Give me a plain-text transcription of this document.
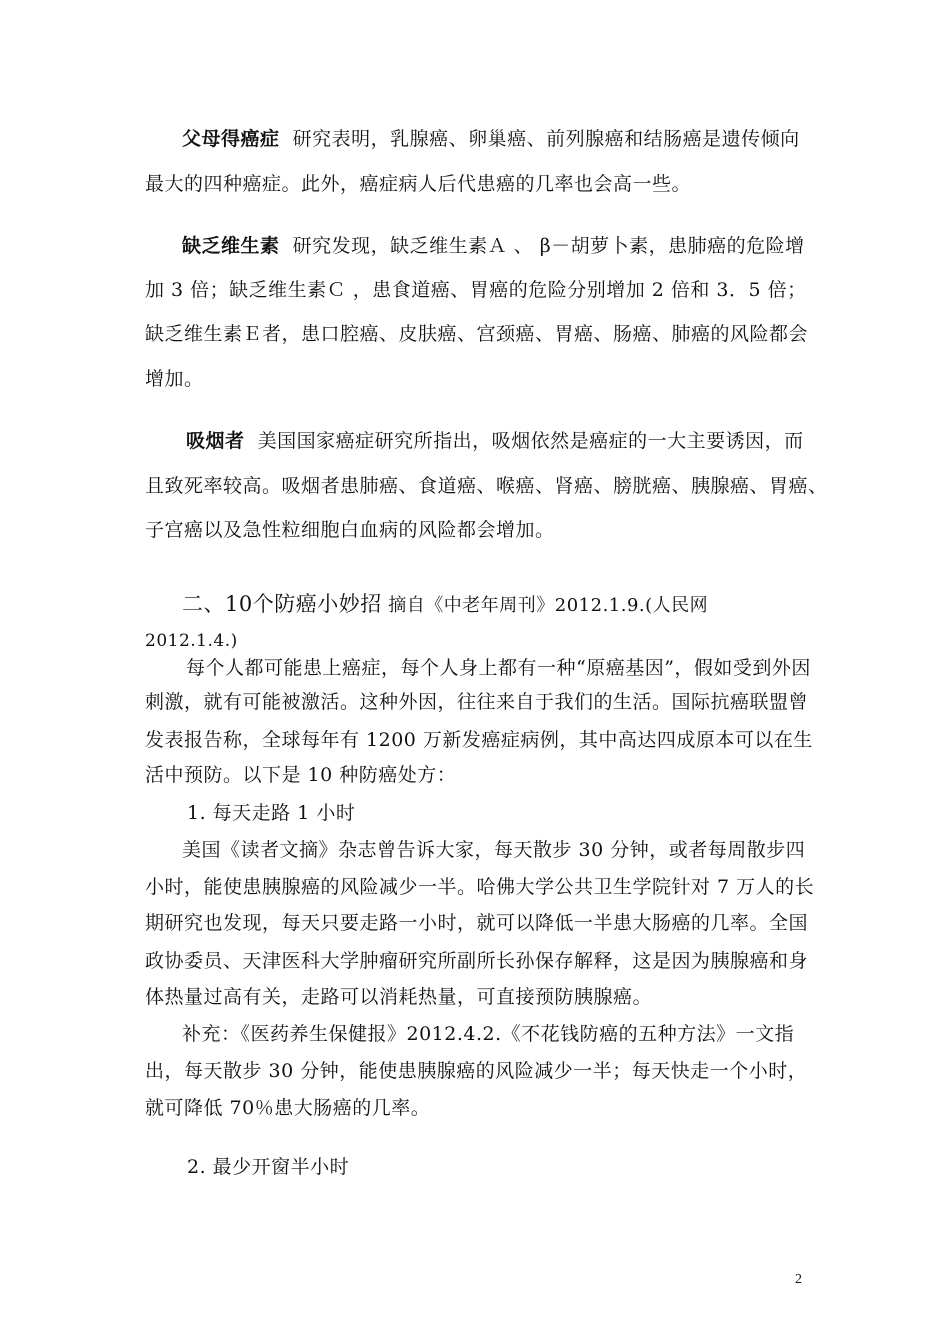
父母得癌症 研究表明，乳腺癌、卵巢癌、前列腺癌和结肠癌是遗传倾向
最大的四种癌症。此外，癌症病人后代患癌的几率也会高一些。
缺乏维生素 研究发现，缺乏维生素Ａ 、 β－胡萝卜素，患肺癌的危险增
加 3 倍；缺乏维生素Ｃ ，患食道癌、胃癌的危险分别增加 2 倍和 3．5 倍；
缺乏维生素Ｅ者，患口腔癌、皮肤癌、宫颈癌、胃癌、肠癌、肺癌的风险都会
增加。
吸烟者 美国国家癌症研究所指出，吸烟依然是癌症的一大主要诱因，而
且致死率较高。吸烟者患肺癌、食道癌、喉癌、肾癌、膀胱癌、胰腺癌、胃癌、
子宫癌以及急性粒细胞白血病的风险都会增加。
二、10个防癌小妙招 摘自《中老年周刊》2012.1.9.(人民网
2012.1.4.)
每个人都可能患上癌症，每个人身上都有一种“原癌基因”，假如受到外因
刺激，就有可能被激活。这种外因，往往来自于我们的生活。国际抗癌联盟曾
发表报告称，全球每年有 1200 万新发癌症病例，其中高达四成原本可以在生
活中预防。以下是 10 种防癌处方：
1. 每天走路 1 小时
美国《读者文摘》杂志曾告诉大家，每天散步 30 分钟，或者每周散步四
小时，能使患胰腺癌的风险减少一半。哈佛大学公共卫生学院针对 7 万人的长
期研究也发现，每天只要走路一小时，就可以降低一半患大肠癌的几率。全国
政协委员、天津医科大学肿瘤研究所副所长孙保存解释，这是因为胰腺癌和身
体热量过高有关，走路可以消耗热量，可直接预防胰腺癌。
补充：《医药养生保健报》2012.4.2.《不花钱防癌的五种方法》一文指
出，每天散步 30 分钟，能使患胰腺癌的风险减少一半；每天快走一个小时，
就可降低 70％患大肠癌的几率。
2. 最少开窗半小时
2
